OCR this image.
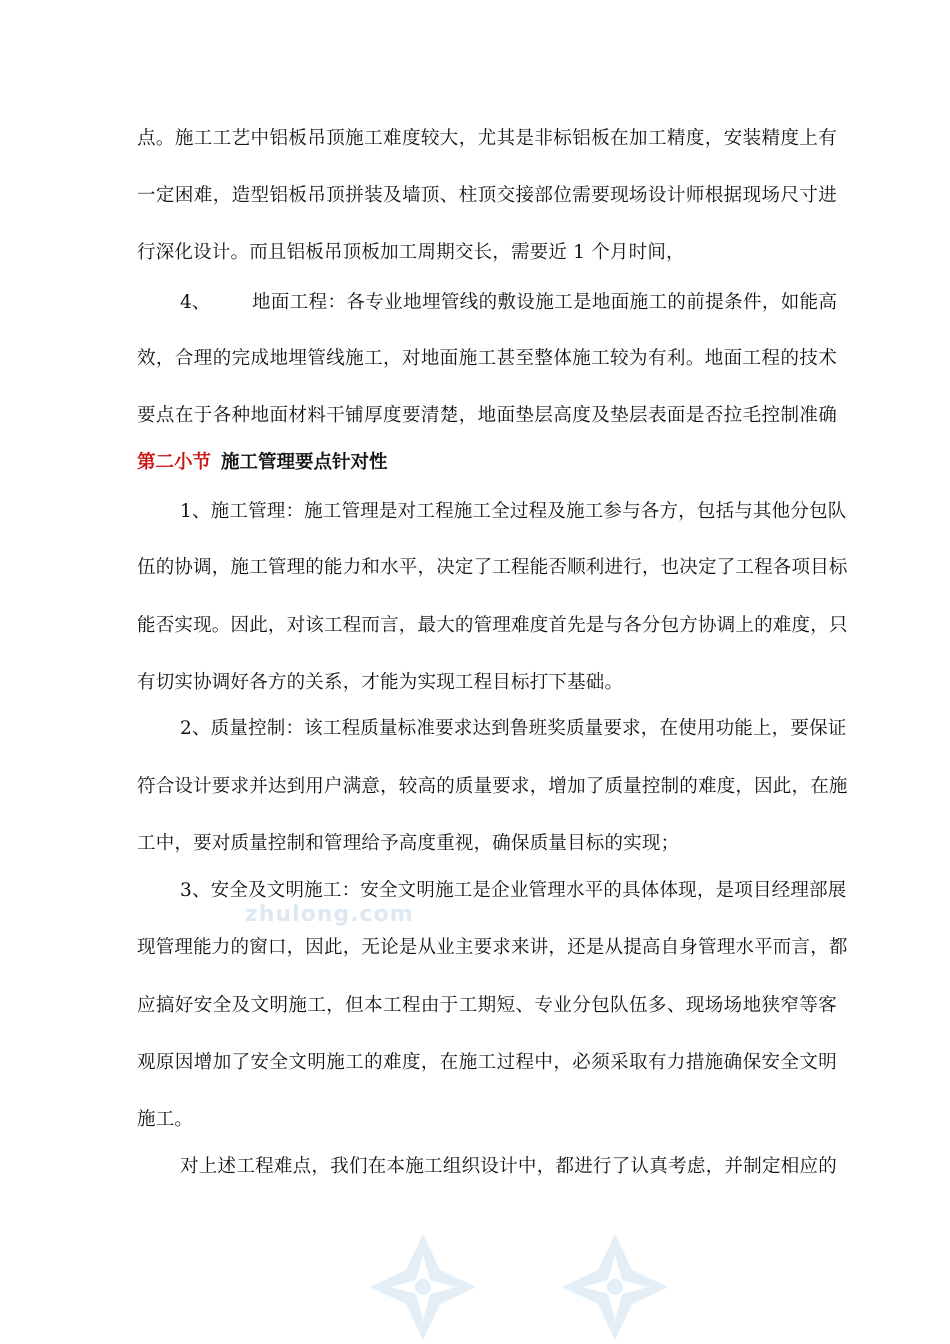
点。施工工艺中铝板吊顶施工难度较大，尤其是非标铝板在加工精度，安装精度上有
一定困难，造型铝板吊顶拼装及墙顶、柱顶交接部位需要现场设计师根据现场尺寸进
行深化设计。而且铝板吊顶板加工周期交长，需要近 1 个月时间，
4、 地面工程：各专业地埋管线的敷设施工是地面施工的前提条件，如能高
效，合理的完成地埋管线施工，对地面施工甚至整体施工较为有利。地面工程的技术
要点在于各种地面材料干铺厚度要清楚，地面垫层高度及垫层表面是否拉毛控制准确
第二小节 施工管理要点针对性
1、施工管理：施工管理是对工程施工全过程及施工参与各方，包括与其他分包队
伍的协调，施工管理的能力和水平，决定了工程能否顺利进行，也决定了工程各项目标
能否实现。因此，对该工程而言，最大的管理难度首先是与各分包方协调上的难度，只
有切实协调好各方的关系，才能为实现工程目标打下基础。
2、质量控制：该工程质量标准要求达到鲁班奖质量要求，在使用功能上，要保证
符合设计要求并达到用户满意，较高的质量要求，增加了质量控制的难度，因此，在施
工中，要对质量控制和管理给予高度重视，确保质量目标的实现；
3、安全及文明施工：安全文明施工是企业管理水平的具体体现，是项目经理部展
现管理能力的窗口，因此，无论是从业主要求来讲，还是从提高自身管理水平而言，都
应搞好安全及文明施工，但本工程由于工期短、专业分包队伍多、现场场地狭窄等客
观原因增加了安全文明施工的难度，在施工过程中，必须采取有力措施确保安全文明
施工。
对上述工程难点，我们在本施工组织设计中，都进行了认真考虑，并制定相应的
zhulong.com
